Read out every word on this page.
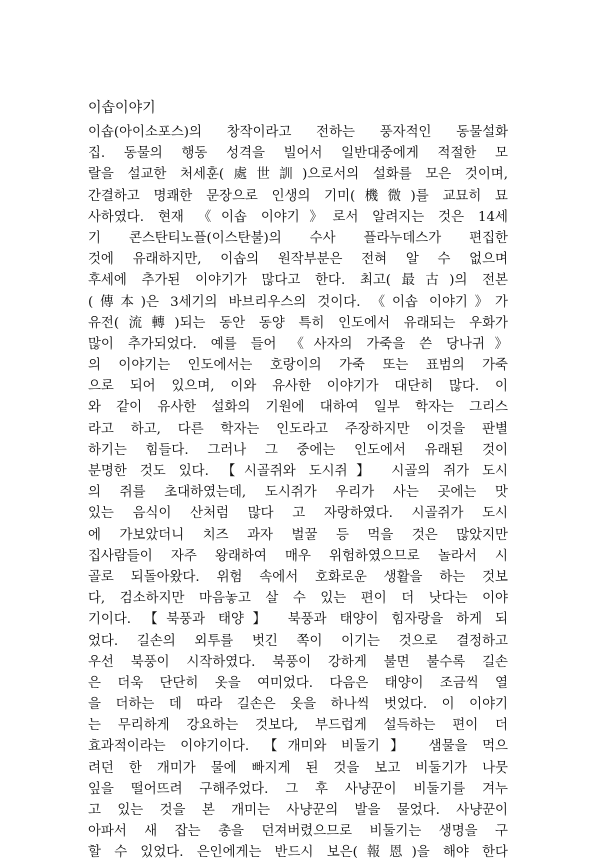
이솝이야기
이솝(아이소포스)의 창작이라고 전하는 풍자적인 동물설화
집. 동물의 행동 성격을 빌어서 일반대중에게 적절한 모
랄을 설교한 처세훈(處世訓)으로서의 설화를 모은 것이며,
간결하고 명쾌한 문장으로 인생의 기미(機微)를 교묘히 묘
사하였다. 현재 《이솝 이야기》로서 알려지는 것은 14세
기 콘스탄티노플(이스탄불)의 수사 플라누데스가 편집한
것에 유래하지만, 이솝의 원작부분은 전혀 알 수 없으며
후세에 추가된 이야기가 많다고 한다. 최고(最古)의 전본
(傳本)은 3세기의 바브리우스의 것이다. 《이솝 이야기》가
유전(流轉)되는 동안 동양 특히 인도에서 유래되는 우화가
많이 추가되었다. 예를 들어 《사자의 가죽을 쓴 당나귀》
의 이야기는 인도에서는 호랑이의 가죽 또는 표범의 가죽
으로 되어 있으며, 이와 유사한 이야기가 대단히 많다. 이
와 같이 유사한 설화의 기원에 대하여 일부 학자는 그리스
라고 하고, 다른 학자는 인도라고 주장하지만 이것을 판별
하기는 힘들다. 그러나 그 중에는 인도에서 유래된 것이
분명한 것도 있다. 【시골쥐와 도시쥐】 시골의 쥐가 도시
의 쥐를 초대하였는데, 도시쥐가 우리가 사는 곳에는 맛
있는 음식이 산처럼 많다 고 자랑하였다. 시골쥐가 도시
에 가보았더니 치즈 과자 벌꿀 등 먹을 것은 많았지만
집사람들이 자주 왕래하여 매우 위험하였으므로 놀라서 시
골로 되돌아왔다. 위험 속에서 호화로운 생활을 하는 것보
다, 검소하지만 마음놓고 살 수 있는 편이 더 낫다는 이야
기이다. 【북풍과 태양】 북풍과 태양이 힘자랑을 하게 되
었다. 길손의 외투를 벗긴 쪽이 이기는 것으로 결정하고
우선 북풍이 시작하였다. 북풍이 강하게 불면 불수록 길손
은 더욱 단단히 옷을 여미었다. 다음은 태양이 조금씩 열
을 더하는 데 따라 길손은 옷을 하나씩 벗었다. 이 이야기
는 무리하게 강요하는 것보다, 부드럽게 설득하는 편이 더
효과적이라는 이야기이다. 【개미와 비둘기】 샘물을 먹으
려던 한 개미가 물에 빠지게 된 것을 보고 비둘기가 나뭇
잎을 떨어뜨려 구해주었다. 그 후 사냥꾼이 비둘기를 겨누
고 있는 것을 본 개미는 사냥꾼의 발을 물었다. 사냥꾼이
아파서 새 잡는 총을 던져버렸으므로 비둘기는 생명을 구
할 수 있었다. 은인에게는 반드시 보은(報恩)을 해야 한다
